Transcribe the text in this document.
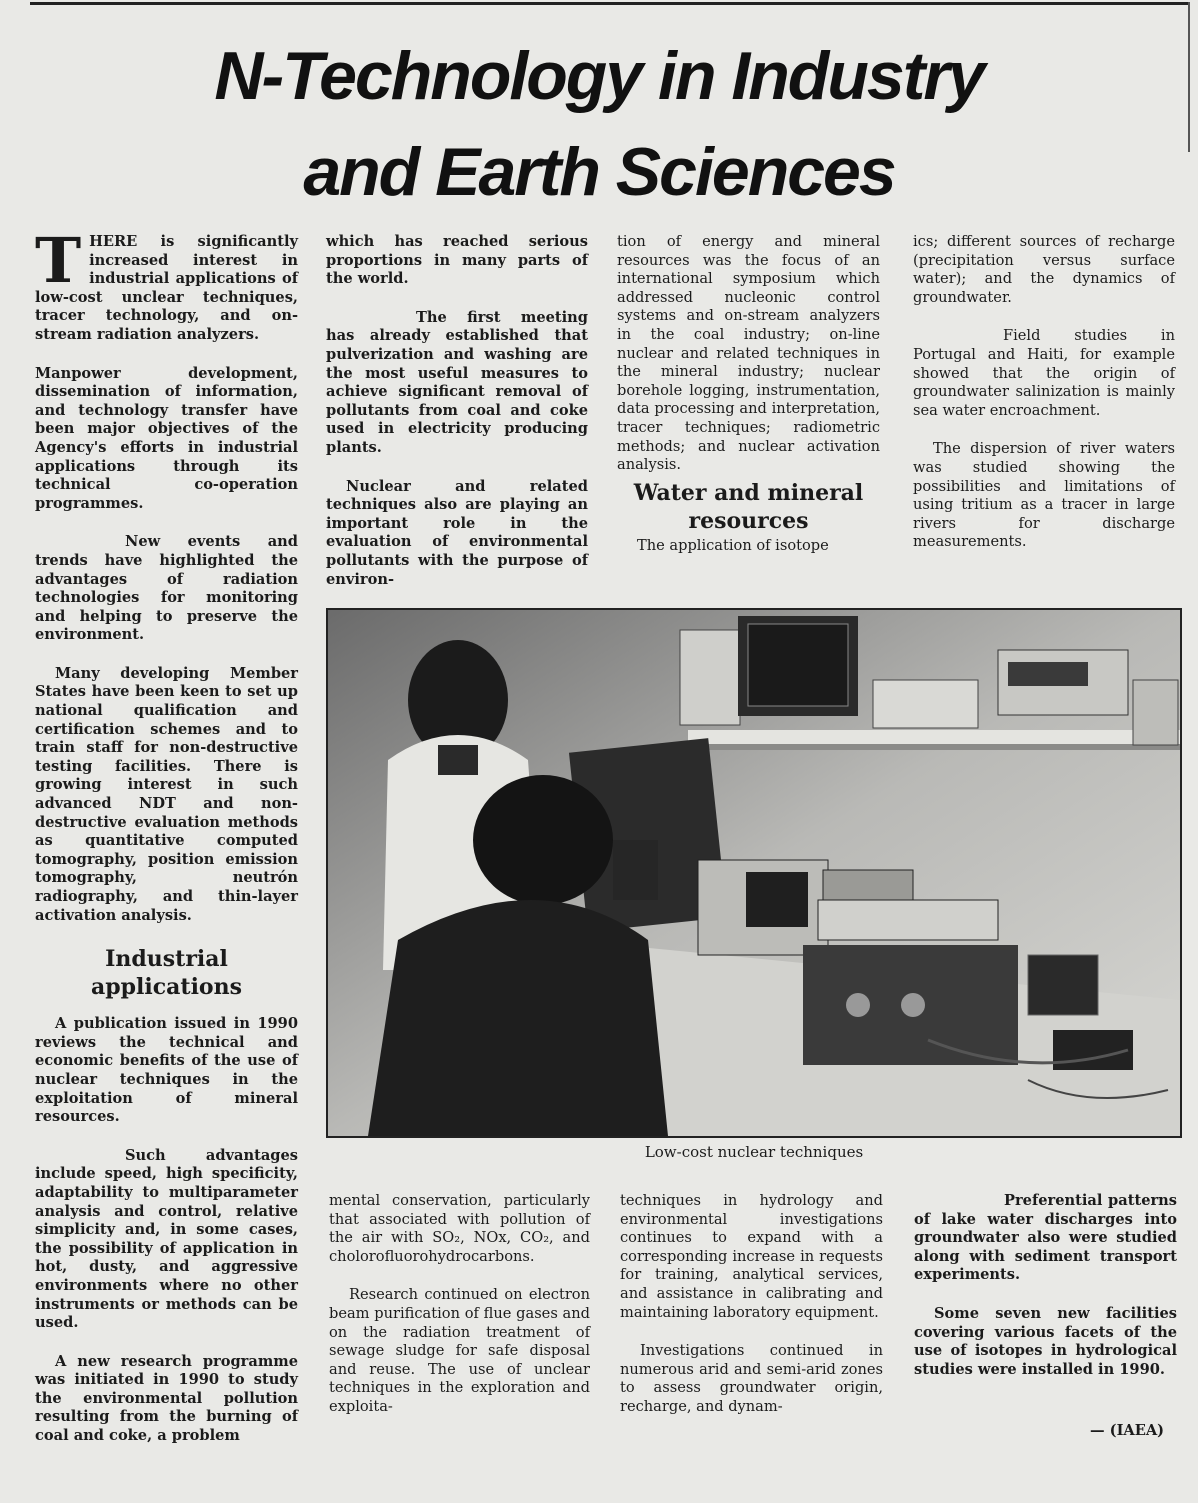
N-Technology in Industry
and Earth Sciences

THERE is significantly increased interest in industrial applications of low-cost unclear techniques, tracer technology, and on-stream radiation analyzers.

Manpower development, dissemination of information, and technology transfer have been major objectives of the Agency's efforts in industrial applications through its technical co-operation programmes.

New events and trends have highlighted the advantages of radiation technologies for monitoring and helping to preserve the environment.

Many developing Member States have been keen to set up national qualification and certification schemes and to train staff for non-destructive testing facilities. There is growing interest in such advanced NDT and non-destructive evaluation methods as quantitative computed tomography, position emission tomography, neutrón radiography, and thin-layer activation analysis.

Industrial applications

A publication issued in 1990 reviews the technical and economic benefits of the use of nuclear techniques in the exploitation of mineral resources.

Such advantages include speed, high specificity, adaptability to multiparameter analysis and control, relative simplicity and, in some cases, the possibility of application in hot, dusty, and aggressive environments where no other instruments or methods can be used.

A new research programme was initiated in 1990 to study the environmental pollution resulting from the burning of coal and coke, a problem

which has reached serious proportions in many parts of the world.

The first meeting has already established that pulverization and washing are the most useful measures to achieve significant removal of pollutants from coal and coke used in electricity producing plants.

Nuclear and related techniques also are playing an important role in the evaluation of environmental pollutants with the purpose of environ-

tion of energy and mineral resources was the focus of an international symposium which addressed nucleonic control systems and on-stream analyzers in the coal industry; on-line nuclear and related techniques in the mineral industry; nuclear borehole logging, instrumentation, data processing and interpretation, tracer techniques; radiometric methods; and nuclear activation analysis.

Water and mineral resources

The application of isotope

ics; different sources of recharge (precipitation versus surface water); and the dynamics of groundwater.

Field studies in Portugal and Haiti, for example showed that the origin of groundwater salinization is mainly sea water encroachment.

The dispersion of river waters was studied showing the possibilities and limitations of using tritium as a tracer in large rivers for discharge measurements.

Low-cost nuclear techniques

mental conservation, particularly that associated with pollution of the air with SO₂, NOx, CO₂, and cholorofluorohydrocarbons.

Research continued on electron beam purification of flue gases and on the radiation treatment of sewage sludge for safe disposal and reuse. The use of unclear techniques in the exploration and exploita-

techniques in hydrology and environmental investigations continues to expand with a corresponding increase in requests for training, analytical services, and assistance in calibrating and maintaining laboratory equipment.

Investigations continued in numerous arid and semi-arid zones to assess groundwater origin, recharge, and dynam-

Preferential patterns of lake water discharges into groundwater also were studied along with sediment transport experiments.

Some seven new facilities covering various facets of the use of isotopes in hydrological studies were installed in 1990.

— (IAEA)
